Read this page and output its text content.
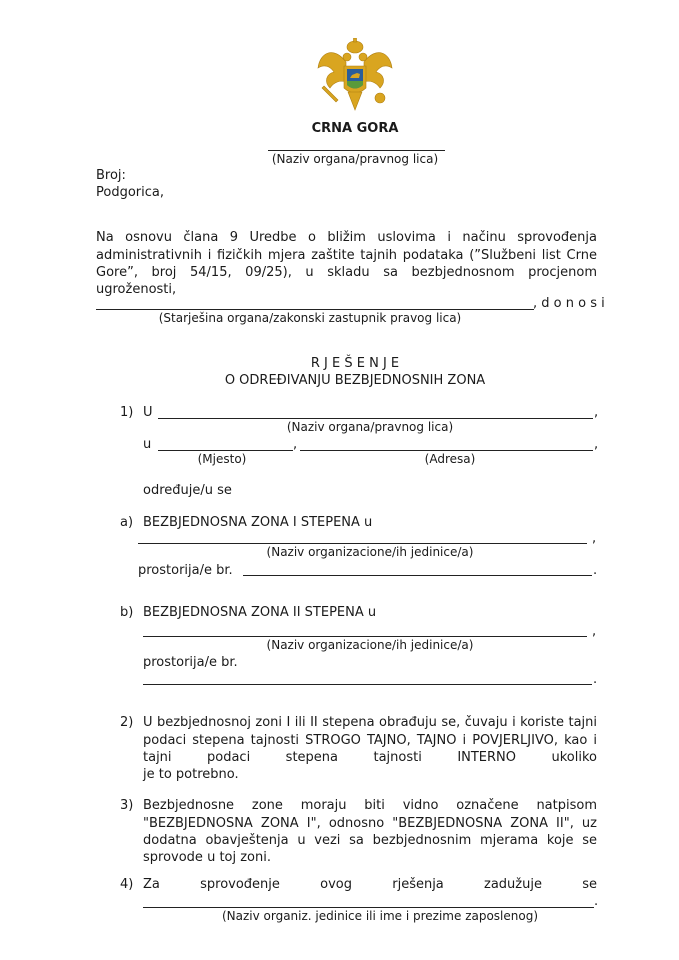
CRNA GORA
(Naziv organa/pravnog lica)
Broj:
Podgorica,
Na osnovu člana 9 Uredbe o bližim uslovima i načinu sprovođenja administrativnih i fizičkih mjera zaštite tajnih podataka (”Službeni list Crne Gore”, broj 54/15, 09/25), u skladu sa bezbjednosnom procjenom
ugroženosti,
, d o n o s i
(Starješina organa/zakonski zastupnik pravog lica)
R J E Š E N J E
O ODREĐIVANJU BEZBJEDNOSNIH ZONA
1) U	,
(Naziv organa/pravnog lica)
u	,	,
(Mjesto)	(Adresa)
određuje/u se
a) BEZBJEDNOSNA ZONA I STEPENA u
,
(Naziv organizacione/ih jedinice/a)
prostorija/e br.	.
b) BEZBJEDNOSNA ZONA II STEPENA u
,
(Naziv organizacione/ih jedinice/a)
prostorija/e br.
.
2) U bezbjednosnoj zoni I ili II stepena obrađuju se, čuvaju i koriste tajni podaci stepena tajnosti STROGO TAJNO, TAJNO i POVJERLJIVO, kao i tajni podaci stepena tajnosti INTERNO ukoliko
je to potrebno.
3) Bezbjednosne zone moraju biti vidno označene natpisom "BEZBJEDNOSNA ZONA I", odnosno "BEZBJEDNOSNA ZONA II", uz dodatna obavještenja u vezi sa bezbjednosnim mjerama koje se
sprovode u toj zoni.
4) Za sprovođenje ovog rješenja zadužuje se
.
(Naziv organiz. jedinice ili ime i prezime zaposlenog)
